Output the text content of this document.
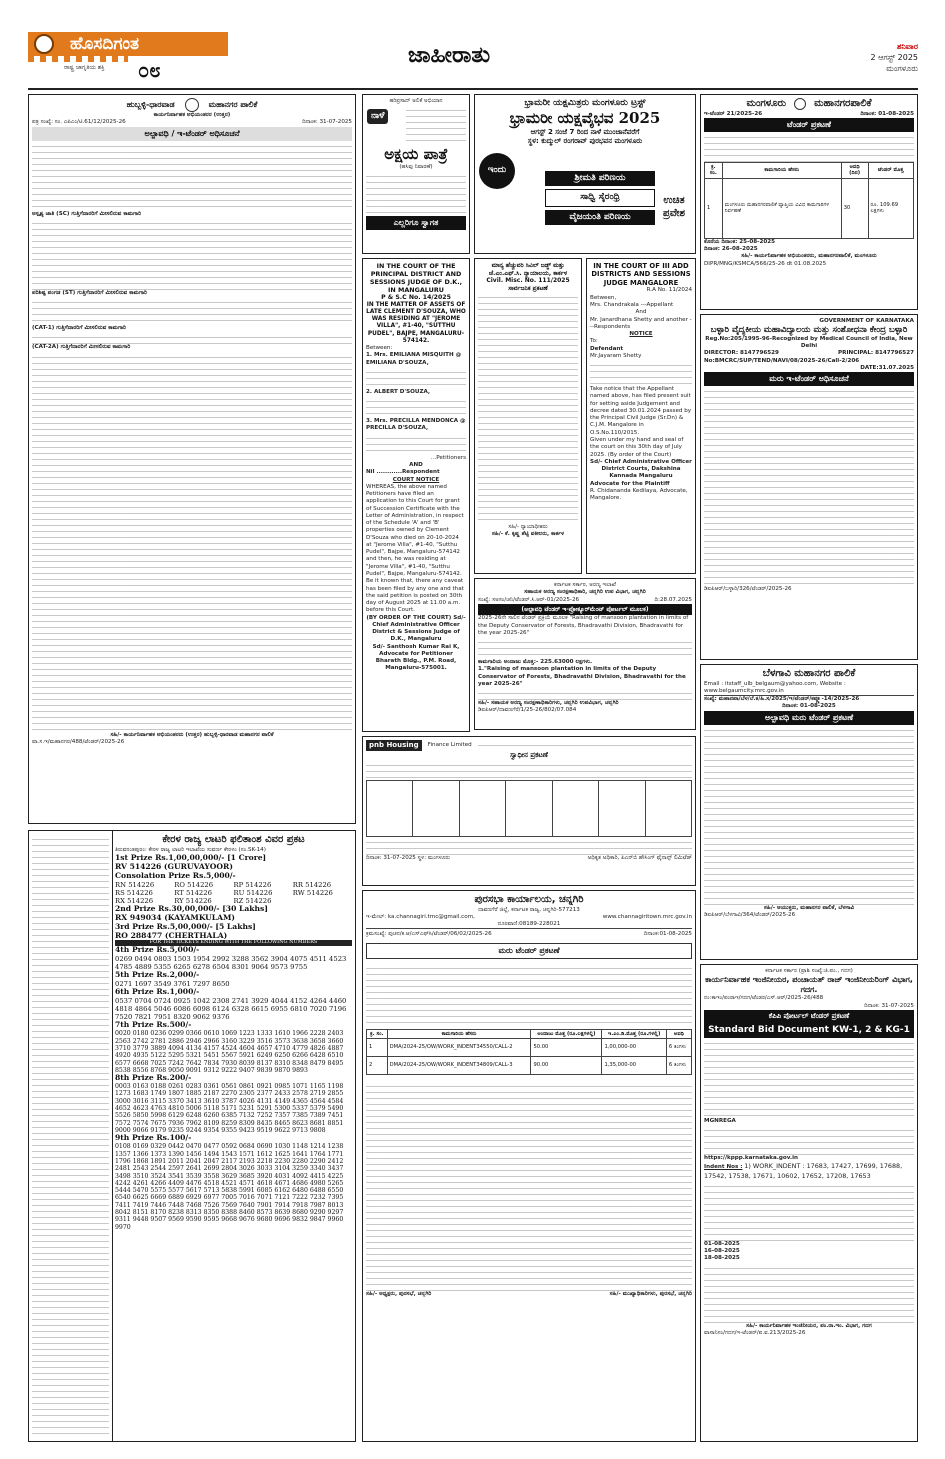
ಹೊಸದಿಗಂತ
ರಾಷ್ಟ್ರ ಜಾಗೃತಿಯ ಶಕ್ತಿ ೦೮
ಜಾಹೀರಾತು	ಶನಿವಾರ
2 ಆಗಸ್ಟ್ 2025
ಮಂಗಳೂರು
ಹುಬ್ಬಳ್ಳಿ-ಧಾರವಾಡ	ಮಹಾನಗರ ಪಾಲಿಕೆ
ಕಾರ್ಯನಿರ್ವಾಹಕ ಅಭಿಯಂತರರ (ಉತ್ತರ)
ಪತ್ರ ಸಂಖ್ಯೆ: ಸಂ. ಎಪಿಎಂ/ಟಿ.61/12/2025-26	ದಿನಾಂಕ: 31-07-2025
ಅಲ್ಪಾವಧಿ / ಇ-ಟೆಂಡರ್ ಅಧಿಸೂಚನೆ
ಅಸ್ಪೃಶ್ಯ ಜಾತಿ (SC) ಗುತ್ತಿಗೆದಾರರಿಗೆ ಮೀಸಲಿರುವ ಕಾಮಗಾರಿ
ಪರಿಶಿಷ್ಟ ಪಂಗಡ (ST) ಗುತ್ತಿಗೆದಾರರಿಗೆ ಮೀಸಲಿರುವ ಕಾಮಗಾರಿ
(CAT-1) ಗುತ್ತಿಗೆದಾರರಿಗೆ ಮೀಸಲಿರುವ ಕಾಮಗಾರಿ
(CAT-2A) ಗುತ್ತಿಗೆದಾರರಿಗೆ ಮೀಸಲಿರುವ ಕಾಮಗಾರಿ
ಸಹಿ/- ಕಾರ್ಯನಿರ್ವಾಹಕ ಅಭಿಯಂತರರು (ಉತ್ತರ) ಹುಬ್ಬಳ್ಳಿ-ಧಾರವಾಡ ಮಹಾನಗರ ಪಾಲಿಕೆ
ವಾ.ಸ.ಇ/ಮಹಾನಗರ/488/ಟೆಂಡರ್/2025-26
ಕೇರಳ ರಾಜ್ಯ ಲಾಟರಿ ಫಲಿತಾಂಶ ವಿವರ ಪ್ರಕಟ
ತಿರುವನಂತಪುರಂ: ಕೇರಳ ರಾಜ್ಯ ಲಾಟರಿ ಇಲಾಖೆಯ ಸುವರ್ಣ ಕೇರಳಂ (ಸಂ.SK-14)
1st Prize Rs.1,00,00,000/- [1 Crore]
RV 514226 (GURUVAYOOR)
Consolation Prize Rs.5,000/-
RN 514226	RO 514226	RP 514226	RR 514226
RS 514226	RT 514226	RU 514226	RW 514226
RX 514226	RY 514226	RZ 514226
2nd Prize Rs.30,00,000/- [30 Lakhs]
RX 949034 (KAYAMKULAM)
3rd Prize Rs.5,00,000/- [5 Lakhs]
RO 288477 (CHERTHALA)
FOR THE TICKETS ENDING WITH THE FOLLOWING NUMBERS
4th Prize Rs.5,000/-
0269 0494 0803 1503 1954 2992 3288 3562 3904 4075 4511 4523 4785 4889 5355 6265 6278 6504 8301 9064 9573 9755
5th Prize Rs.2,000/-
0271 1697 3549 3761 7297 8650
6th Prize Rs.1,000/-
0537 0704 0724 0925 1042 2308 2741 3929 4044 4152 4264 4460 4818 4864 5046 6086 6098 6124 6328 6615 6955 6810 7020 7196 7520 7821 7951 8320 9062 9376
7th Prize Rs.500/-
0020 0180 0236 0299 0366 0610 1069 1223 1333 1610 1966 2228 2403 2563 2742 2781 2886 2946 2966 3160 3229 3516 3573 3638 3658 3660 3710 3779 3889 4094 4134 4157 4524 4604 4657 4710 4779 4826 4887 4920 4935 5122 5295 5321 5451 5567 5921 6249 6250 6266 6428 6510 6577 6668 7025 7242 7642 7834 7930 8039 8137 8310 8348 8479 8495 8538 8556 8768 9050 9091 9312 9222 9407 9839 9870 9893
8th Prize Rs.200/-
0003 0163 0188 0261 0283 0361 0561 0861 0921 0985 1071 1165 1198 1273 1683 1749 1807 1885 2187 2270 2305 2377 2433 2578 2719 2855 3000 3016 3115 3370 3413 3610 3787 4026 4131 4149 4365 4564 4584 4652 4623 4763 4810 5006 5118 5171 5231 5291 5300 5337 5379 5490 5526 5850 5998 6129 6248 6260 6385 7132 7252 7357 7385 7389 7451 7572 7574 7675 7936 7962 8109 8259 8309 8435 8465 8623 8681 8851 9000 9066 9179 9235 9244 9354 9355 9423 9519 9622 9713 9808
9th Prize Rs.100/-
0108 0169 0329 0442 0470 0477 0592 0684 0690 1030 1148 1214 1238 1357 1366 1373 1390 1456 1494 1543 1571 1612 1625 1641 1764 1771 1796 1868 1891 2011 2041 2047 2117 2193 2218 2230 2280 2290 2412 2481 2543 2544 2597 2641 2699 2804 3026 3033 3104 3259 3340 3437 3498 3510 3524 3541 3539 3558 3629 3685 3920 4031 4092 4415 4225 4242 4261 4266 4409 4476 4518 4521 4571 4618 4671 4686 4980 5265 5444 5470 5575 5577 5617 5713 5838 5991 6085 6162 6480 6488 6550 6540 6625 6669 6889 6929 6977 7005 7016 7071 7121 7222 7232 7395 7411 7419 7446 7448 7468 7526 7569 7640 7901 7914 7918 7987 8013 8042 8151 8170 8238 8313 8350 8388 8460 8573 8639 8680 9290 9297 9311 9448 9507 9569 9590 9595 9668 9676 9680 9696 9832 9847 9960 9970
ಹರಿಪ್ರಸಾದ್ ಅಲಿಕೆ ಅಭಿಯಾನ
ನಾಳೆ
ಅಕ್ಷಯ ಪಾತ್ರೆ
(ಹಸಿವು ನಿವಾರಣೆ)
ಎಲ್ಲರಿಗೂ ಸ್ವಾಗತ
ಭ್ರಾಮರೀ ಯಕ್ಷಮಿತ್ರರು ಮಂಗಳೂರು ಟ್ರಸ್ಟ್
ಭ್ರಾಮರೀ ಯಕ್ಷವೈಭವ 2025
ಆಗಸ್ಟ್ 2 ಸಂಜೆ 7 ರಿಂದ ನಾಳೆ ಮುಂಜಾನೆವರೆಗೆ
ಸ್ಥಳ: ಕುದ್ಮುಲ್ ರಂಗರಾವ್ ಪುರಭವನ ಮಂಗಳೂರು
ಇಂದು
ಶ್ರೀಮತಿ ಪರಿಣಯ
ಸಾಧ್ವಿ ಸೈರಂಧ್ರಿ
ವೈಜಯಂತಿ ಪರಿಣಯ
ಉಚಿತ ಪ್ರವೇಶ
ಮಂಗಳೂರು	ಮಹಾನಗರಪಾಲಿಕೆ
ಇ-ಟೆಂಡರ್ 21/2025-26	ದಿನಾಂಕ: 01-08-2025
ಟೆಂಡರ್ ಪ್ರಕಟಣೆ
ಕ್ರ. ಸಂ.	ಕಾಮಗಾರಿಯ ಹೆಸರು	ಅವಧಿ (ದಿನ)	ಟೆಂಡರ್ ಮೊತ್ತ
1	ಮಂಗಳೂರು ಮಹಾನಗರಪಾಲಿಕೆ ವ್ಯಾಪ್ತಿಯ ವಿವಿಧ ಕಾಮಗಾರಿಗಳ ನಿರ್ವಹಣೆ	30	ರೂ. 109.69 ಲಕ್ಷಗಳು
ಕೊನೆಯ ದಿನಾಂಕ: 25-08-2025
ದಿನಾಂಕ: 26-08-2025
ಸಹಿ/- ಕಾರ್ಯನಿರ್ವಾಹಕ ಅಭಿಯಂತರರು, ಮಹಾನಗರಪಾಲಿಕೆ, ಮಂಗಳೂರು
DIPR/MNG/KSMCA/566/25-26 dt 01.08.2025
IN THE COURT OF THE PRINCIPAL DISTRICT AND SESSIONS JUDGE OF D.K., IN MANGALURU
P & S.C No. 14/2025
IN THE MATTER OF ASSETS OF LATE CLEMENT D'SOUZA, WHO WAS RESIDING AT "JEROME VILLA", #1-40, "SUTTHU PUDEL", BAJPE, MANGALURU-574142.
Between:
1. Mrs. EMILIANA MISQUITH @ EMILIANA D'SOUZA,
2. ALBERT D'SOUZA,
3. Mrs. PRECILLA MENDONCA @ PRECILLA D'SOUZA,
...Petitioners
AND
Nil ............Respondent
COURT NOTICE
WHEREAS, the above named Petitioners have filed an application to this Court for grant of Succession Certificate with the Letter of Administration, in respect of the Schedule 'A' and 'B' properties owned by Clement D'Souza who died on 20-10-2024 at "Jerome Villa", #1-40, "Sutthu Pudel", Bajpe, Mangaluru-574142 and then, he was residing at "Jerome Villa", #1-40, "Sutthu Pudel", Bajpe, Mangaluru-574142.
Be it known that, there any caveat has been filed by any one and that the said petition is posted on 30th day of August 2025 at 11.00 a.m. before this Court.
(BY ORDER OF THE COURT) Sd/- Chief Administrative Officer District & Sessions Judge of D.K., Mangaluru
Sd/- Santhosh Kumar Rai K, Advocate for Petitioner Bharath Bldg., P.M. Road, Mangaluru-575001.
ಮಾನ್ಯ ಹೆಚ್ಚುವರಿ ಸಿವಿಲ್ ಜಡ್ಜ್ ಮತ್ತು ಜೆ.ಎಂ.ಎಫ್.ಸಿ. ನ್ಯಾಯಾಲಯ, ಕಾರ್ಕಳ
Civil. Misc. No. 111/2025
ಸಾರ್ವಜನಿಕ ಪ್ರಕಟಣೆ
ಸಹಿ/- ನ್ಯಾಯಾಧೀಶರು
ಸಹಿ/- ಕೆ. ಕೃಷ್ಣ ಶೆಟ್ಟಿ ವಕೀಲರು, ಕಾರ್ಕಳ
IN THE COURT OF III ADD DISTRICTS AND SESSIONS JUDGE MANGALORE
R.A No. 11/2024
Between,
Mrs. Chandrakala ---Appellant
And
Mr. Janardhana Shetty and another ---Respondents
NOTICE
To:
Defendant
Mr.Jayaram Shetty
Take notice that the Appellant named above, has filed present suit for setting aside Judgement and decree dated 30.01.2024 passed by the Principal Civil Judge (Sr.Dn) & C.J.M. Mangalore in O.S.No.110/2015.
Given under my hand and seal of the court on this 30th day of July 2025. (By order of the Court)
Sd/- Chief Administrative Officer District Courts, Dakshina Kannada Mangaluru
Advocate for the Plaintiff
R. Chidananda Kedilaya, Advocate, Mangalore.
ಕರ್ನಾಟಕ ಸರ್ಕಾರ, ಅರಣ್ಯ ಇಲಾಖೆ
ಸಹಾಯಕ ಅರಣ್ಯ ಸಂರಕ್ಷಣಾಧಿಕಾರಿ, ಚನ್ನಗಿರಿ ಉಪ ವಿಭಾಗ, ಚನ್ನಗಿರಿ
ಸಂಖ್ಯೆ: ಸಅಸಂ/ಚನಿ/ಟೆಂಡರ್.ಸಿ.ಆರ್-01/2025-26	ದಿ:28.07.2025
(ಅಲ್ಪಾವಧಿ ಟೆಂಡರ್ ಇ-ಪ್ರೋಕ್ಯೂರ್‌ಮೆಂಟ್ ಪೋರ್ಟಲ್ ಮೂಲಕ)
2025-26ನೇ ಸಾಲಿನ ಟೆಂಡರ್ ಪ್ರಕ್ರಿಯೆ ಮೂಲಕ "Raising of mansoon plantation in limits of the Deputy Conservator of Forests, Bhadravathi Division, Bhadravathi for the year 2025-26"
ಕಾಮಗಾರಿಯ ಅಂದಾಜು ಮೊತ್ತ:- 225.63000 ಲಕ್ಷಗಳು.
1."Raising of mansoon plantation in limits of the Deputy Conservator of Forests, Bhadravathi Division, Bhadravathi for the year 2025-26"
ಸಹಿ/- ಸಹಾಯಕ ಅರಣ್ಯ ಸಂರಕ್ಷಣಾಧಿಕಾರಿಗಳು, ಚನ್ನಗಿರಿ ಉಪವಿಭಾಗ, ಚನ್ನಗಿರಿ
ಡಿಐಪಿಆರ್/ದಾವಣಗೆರೆ/1/25-26/802/07.084
pnb Housing	Finance Limited
ಸ್ವಾಧೀನ ಪ್ರಕಟಣೆ

ದಿನಾಂಕ: 31-07-2025 ಸ್ಥಳ: ಮಂಗಳೂರು	ಅಧಿಕೃತ ಅಧಿಕಾರಿ, ಪಿಎನ್‌ಬಿ ಹೌಸಿಂಗ್ ಫೈನಾನ್ಸ್ ಲಿಮಿಟೆಡ್
ಪುರಸಭಾ ಕಾರ್ಯಾಲಯ, ಚನ್ನಗಿರಿ
ದಾವಣಗೆರೆ ಜಿಲ್ಲೆ, ಕರ್ನಾಟಕ ರಾಜ್ಯ, ಚನ್ನಗಿರಿ-577213
ಇ-ಮೇಲ್: ka.channagiri.tmc@gmail.com,	www.channagiritown.mrc.gov.in
ದೂರವಾಣಿ:08189-228021
ಕ್ರಮಸಂಖ್ಯೆ: ಪುಚನ/ಕ.ಆ/ಎಸ್‌ಎಫ್‌ಸಿ/ಟೆಂಡರ್/06/02/2025-26	ದಿನಾಂಕ:01-08-2025
ಮರು ಟೆಂಡರ್ ಪ್ರಕಟಣೆ
ಕ್ರ. ಸಂ.	ಕಾಮಗಾರಿಯ ಹೆಸರು	ಅಂದಾಜು ಮೊತ್ತ (ರೂ.ಲಕ್ಷಗಳಲ್ಲಿ)	ಇ.ಎಂ.ಡಿ.ಮೊತ್ತ (ರೂ.ಗಳಲ್ಲಿ)	ಅವಧಿ
1	DMA/2024-25/OW/WORK_INDENT34550/CALL-2	50.00	1,00,000-00	6 ತಿಂಗಳು
2	DMA/2024-25/OW/WORK_INDENT34809/CALL-3	90.00	1,35,000-00	6 ತಿಂಗಳು
ಸಹಿ/- ಅಧ್ಯಕ್ಷರು, ಪುರಸಭೆ, ಚನ್ನಗಿರಿ	ಸಹಿ/- ಮುಖ್ಯಾಧಿಕಾರಿಗಳು, ಪುರಸಭೆ, ಚನ್ನಗಿರಿ
GOVERNMENT OF KARNATAKA
ಬಳ್ಳಾರಿ ವೈದ್ಯಕೀಯ ಮಹಾವಿದ್ಯಾಲಯ ಮತ್ತು ಸಂಶೋಧನಾ ಕೇಂದ್ರ ಬಳ್ಳಾರಿ
Reg.No:205/1995-96-Recognized by Medical Council of India, New Delhi
DIRECTOR: 8147796529	PRINCIPAL: 8147796527
No:BMCRC/SUP/TEND/NAVI/08/2025-26/Call-2/206
DATE:31.07.2025
ಮರು ಇ-ಟೆಂಡರ್ ಅಧಿಸೂಚನೆ
ಡಿಐಪಿಆರ್/ಬಳ್ಳಾರಿ/326/ಟೆಂಡರ್/2025-26
ಬೆಳಗಾವಿ ಮಹಾನಗರ ಪಾಲಿಕೆ
Email : itstaff_ulb_belgaum@yahoo.com, Website : www.belgaumcity.mrc.gov.in
ಸಂಖ್ಯೆ: ಮಹಾನಪಾ/ಬೆಳ/ಲೆ.ಕ/ಹಿ.ಸ/2025/ಇ/ಟೆಂಡರ್/ಕಪ್ಲ್ಯೂ-14/2025-26
ದಿನಾಂಕ: 01-08-2025
ಅಲ್ಪಾವಧಿ ಮರು ಟೆಂಡರ್ ಪ್ರಕಟಣೆ
ಸಹಿ/- ಆಯುಕ್ತರು, ಮಹಾನಗರ ಪಾಲಿಕೆ, ಬೆಳಗಾವಿ
ಡಿಐಪಿಆರ್/ಬೆಳಗಾವಿ/364/ಟೆಂಡರ್/2025-26
ಕರ್ನಾಟಕ ಸರ್ಕಾರ (ಪ್ರಾಶಿ ಸಂಖ್ಯೆ:ಜಿ.ಪಂ., ಗದಗ)
ಕಾರ್ಯನಿರ್ವಾಹಕ ಇಂಜಿನೀಯರ, ಪಂಚಾಯತ್ ರಾಜ್ ಇಂಜಿನೀಯರಿಂಗ್ ವಿಭಾಗ, ಗದಗ.
ನಂ:ಕಾಇಂ/ಪಂರಾಇ/ಗದಗ/ಟೆಂಡರ/ಎಸ್.ಆರ್/2025-26/488
ದಿನಾಂಕ: 31-07-2025
ಕೆಪಿಪಿ ಪೋರ್ಟಲ್ ಟೆಂಡರ್ ಪ್ರಕಟಣೆ
Standard Bid Document KW-1, 2 & KG-1
MGNREGA
https://kppp.karnataka.gov.in
Indent Nos : 1) WORK_INDENT : 17683, 17427, 17699, 17688, 17542, 17538, 17671, 10602, 17652, 17208, 17653
01-08-2025
16-08-2025
18-08-2025
ಸಹಿ/- ಕಾರ್ಯನಿರ್ವಾಹಕ ಇಂಜಿನೀಯರ, ಪಂ.ರಾ.ಇಂ. ವಿಭಾಗ, ಗದಗ
ವಾಸಾನಿಸಂ/ಗದಗ/ಇ-ಟೆಂಡರ್/ಪ.ವ.213/2025-26
